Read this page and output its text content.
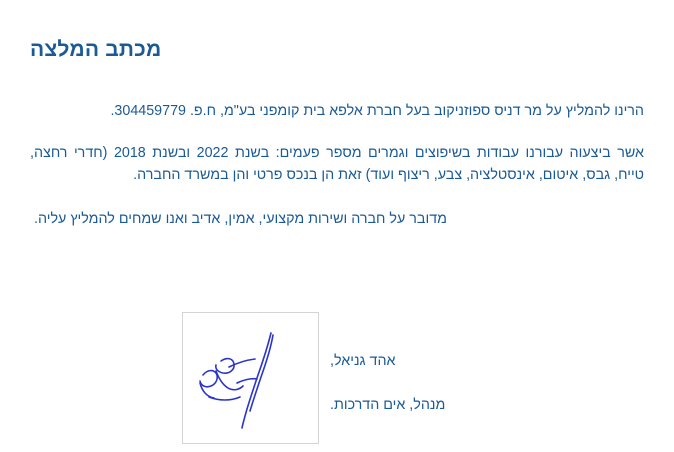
מכתב המלצה

הרינו להמליץ על מר דניס ספוזניקוב בעל חברת אלפא בית קומפני בע"מ, ח.פ. 304459779.

אשר ביצעוה עבורנו עבודות בשיפוצים וגמרים מספר פעמים: בשנת 2022 ובשנת 2018 (חדרי רחצה, טייח, גבס, איטום, אינסטלציה, צבע, ריצוף ועוד) זאת הן בנכס פרטי והן במשרד החברה.

מדובר על חברה ושירות מקצועי, אמין, אדיב ואנו שמחים להמליץ עליה.

אהד גניאל,

מנהל, אים הדרכות.
